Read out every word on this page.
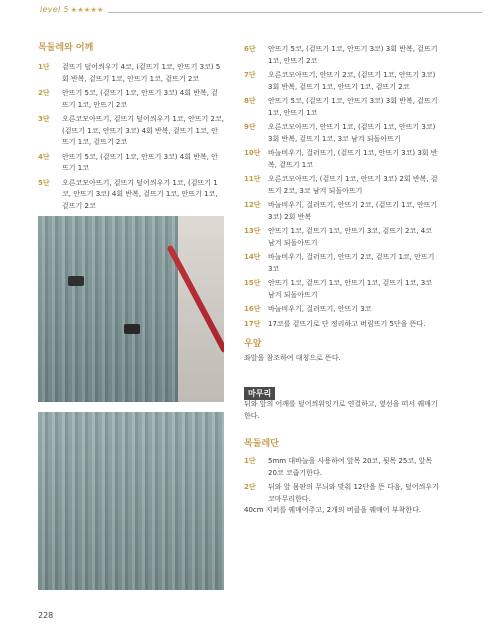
level 5 ★★★★★
목둘레와 어깨
1단	겉뜨기 덮어씌우기 4코, (겉뜨기 1코, 안뜨기 3코) 5회 반복, 겉뜨기 1코, 안뜨기 1코, 겉뜨기 2코
2단	안뜨기 5코, (겉뜨기 1코, 안뜨기 3코) 4회 반복, 겉뜨기 1코, 안뜨기 2코
3단	오른코모아뜨기, 겉뜨기 덮어씌우기 1코, 안뜨기 2코, (겉뜨기 1코, 안뜨기 3코) 4회 반복, 겉뜨기 1코, 안뜨기 1코, 겉뜨기 2코
4단	안뜨기 5코, (겉뜨기 1코, 안뜨기 3코) 4회 반복, 안뜨기 1코
5단	오른코모아뜨기, 겉뜨기 덮어씌우기 1코, (겉뜨기 1코, 안뜨기 3코) 4회 반복, 겉뜨기 1코, 안뜨기 1코, 겉뜨기 2코
6단	안뜨기 5코, (겉뜨기 1코, 안뜨기 3코) 3회 반복, 겉뜨기 1코, 안뜨기 2코
7단	오른코모아뜨기, 안뜨기 2코, (겉뜨기 1코, 안뜨기 3코) 3회 반복, 겉뜨기 1코, 안뜨기 1코, 겉뜨기 2코
8단	안뜨기 5코, (겉뜨기 1코, 안뜨기 3코) 3회 반복, 겉뜨기 1코, 안뜨기 1코
9단	오른코모아뜨기, 안뜨기 1코, (겉뜨기 1코, 안뜨기 3코) 3회 반복, 겉뜨기 1코, 3코 남겨 되돌아뜨기
10단	바늘비우기, 걸러뜨기, (겉뜨기 1코, 안뜨기 3코) 3회 반복, 겉뜨기 1코
11단	오른코모아뜨기, (겉뜨기 1코, 안뜨기 3코) 2회 반복, 겉뜨기 2코, 3코 남겨 되돌아뜨기
12단	바늘비우기, 걸러뜨기, 안뜨기 2코, (겉뜨기 1코, 안뜨기 3코) 2회 반복
13단	안뜨기 1코, 겉뜨기 1코, 안뜨기 3코, 겉뜨기 2코, 4코 남겨 되돌아뜨기
14단	바늘비우기, 걸러뜨기, 안뜨기 2코, 겉뜨기 1코, 안뜨기 3코
15단	안뜨기 1코, 겉뜨기 1코, 안뜨기 1코, 겉뜨기 1코, 3코 남겨 되돌아뜨기
16단	바늘비우기, 걸러뜨기, 안뜨기 3코
17단	17코를 겉뜨기로 단 정리하고 버림뜨기 5단을 뜬다.
우앞
좌앞을 참조하여 대칭으로 뜬다.
마무리
뒤와 앞의 어깨를 덮어씌워잇기로 연결하고, 옆선을 떠서 꿰매기한다.
목둘레단
1단	5mm 대바늘을 사용하여 앞목 20코, 뒷목 25코, 앞목 20코 코줍기한다.
2단	뒤와 앞 몸판의 무늬와 맞춰 12단을 뜬 다음, 덮어씌우기 코마무리한다.
40cm 지퍼를 꿰매어주고, 2개의 버클을 꿰매어 부착한다.
228
